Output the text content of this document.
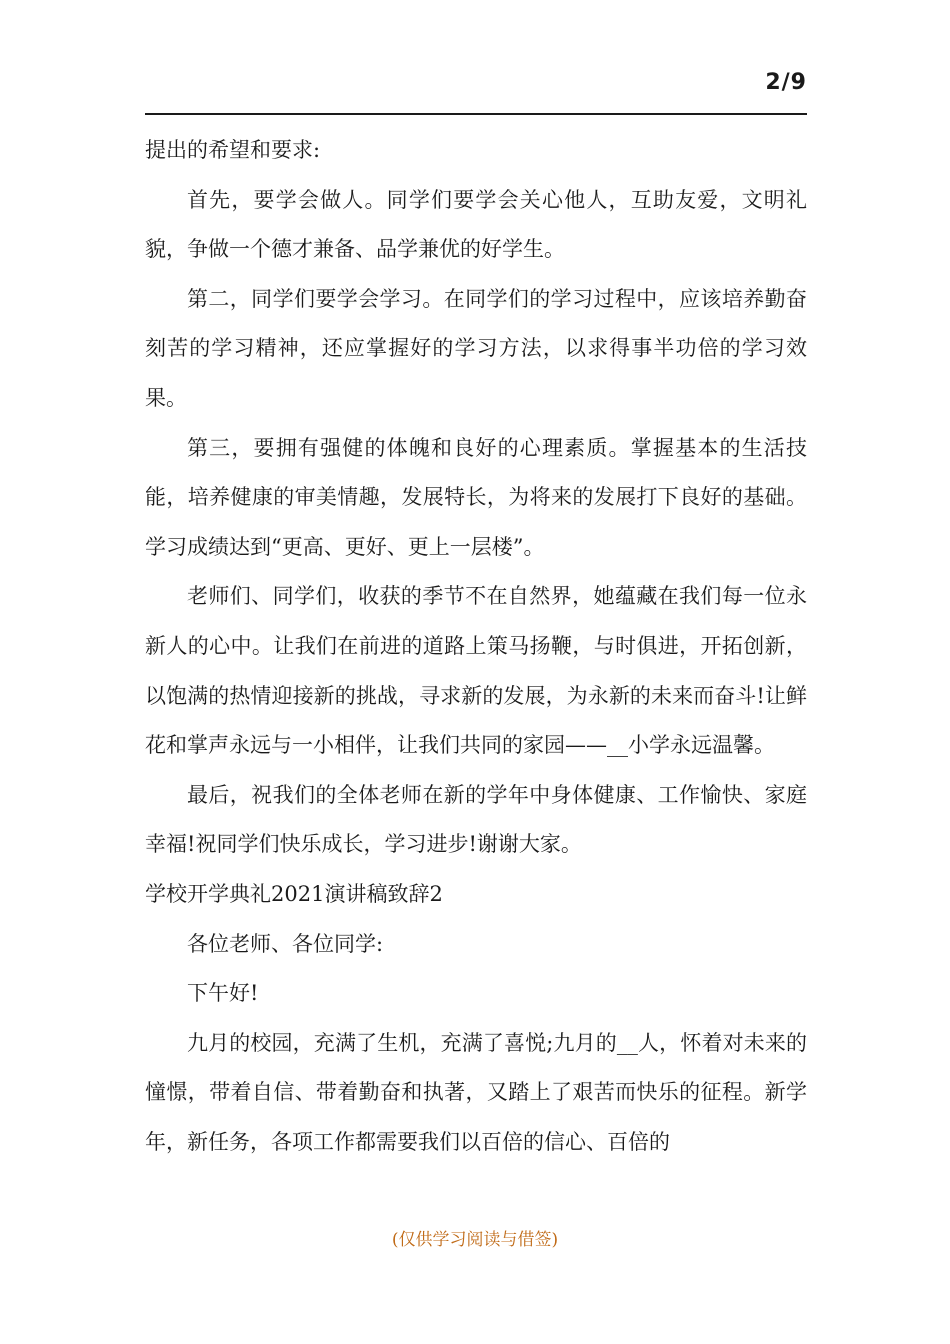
2/9

提出的希望和要求:

首先，要学会做人。同学们要学会关心他人，互助友爱，文明礼貌，争做一个德才兼备、品学兼优的好学生。

第二，同学们要学会学习。在同学们的学习过程中，应该培养勤奋刻苦的学习精神，还应掌握好的学习方法，以求得事半功倍的学习效果。

第三，要拥有强健的体魄和良好的心理素质。掌握基本的生活技能，培养健康的审美情趣，发展特长，为将来的发展打下良好的基础。学习成绩达到“更高、更好、更上一层楼”。

老师们、同学们，收获的季节不在自然界，她蕴藏在我们每一位永新人的心中。让我们在前进的道路上策马扬鞭，与时俱进，开拓创新，以饱满的热情迎接新的挑战，寻求新的发展，为永新的未来而奋斗!让鲜花和掌声永远与一小相伴，让我们共同的家园——__小学永远温馨。

最后，祝我们的全体老师在新的学年中身体健康、工作愉快、家庭幸福!祝同学们快乐成长，学习进步!谢谢大家。

学校开学典礼2021演讲稿致辞2

各位老师、各位同学:

下午好!

九月的校园，充满了生机，充满了喜悦;九月的__人，怀着对未来的憧憬，带着自信、带着勤奋和执著，又踏上了艰苦而快乐的征程。新学年，新任务，各项工作都需要我们以百倍的信心、百倍的

(仅供学习阅读与借签)
